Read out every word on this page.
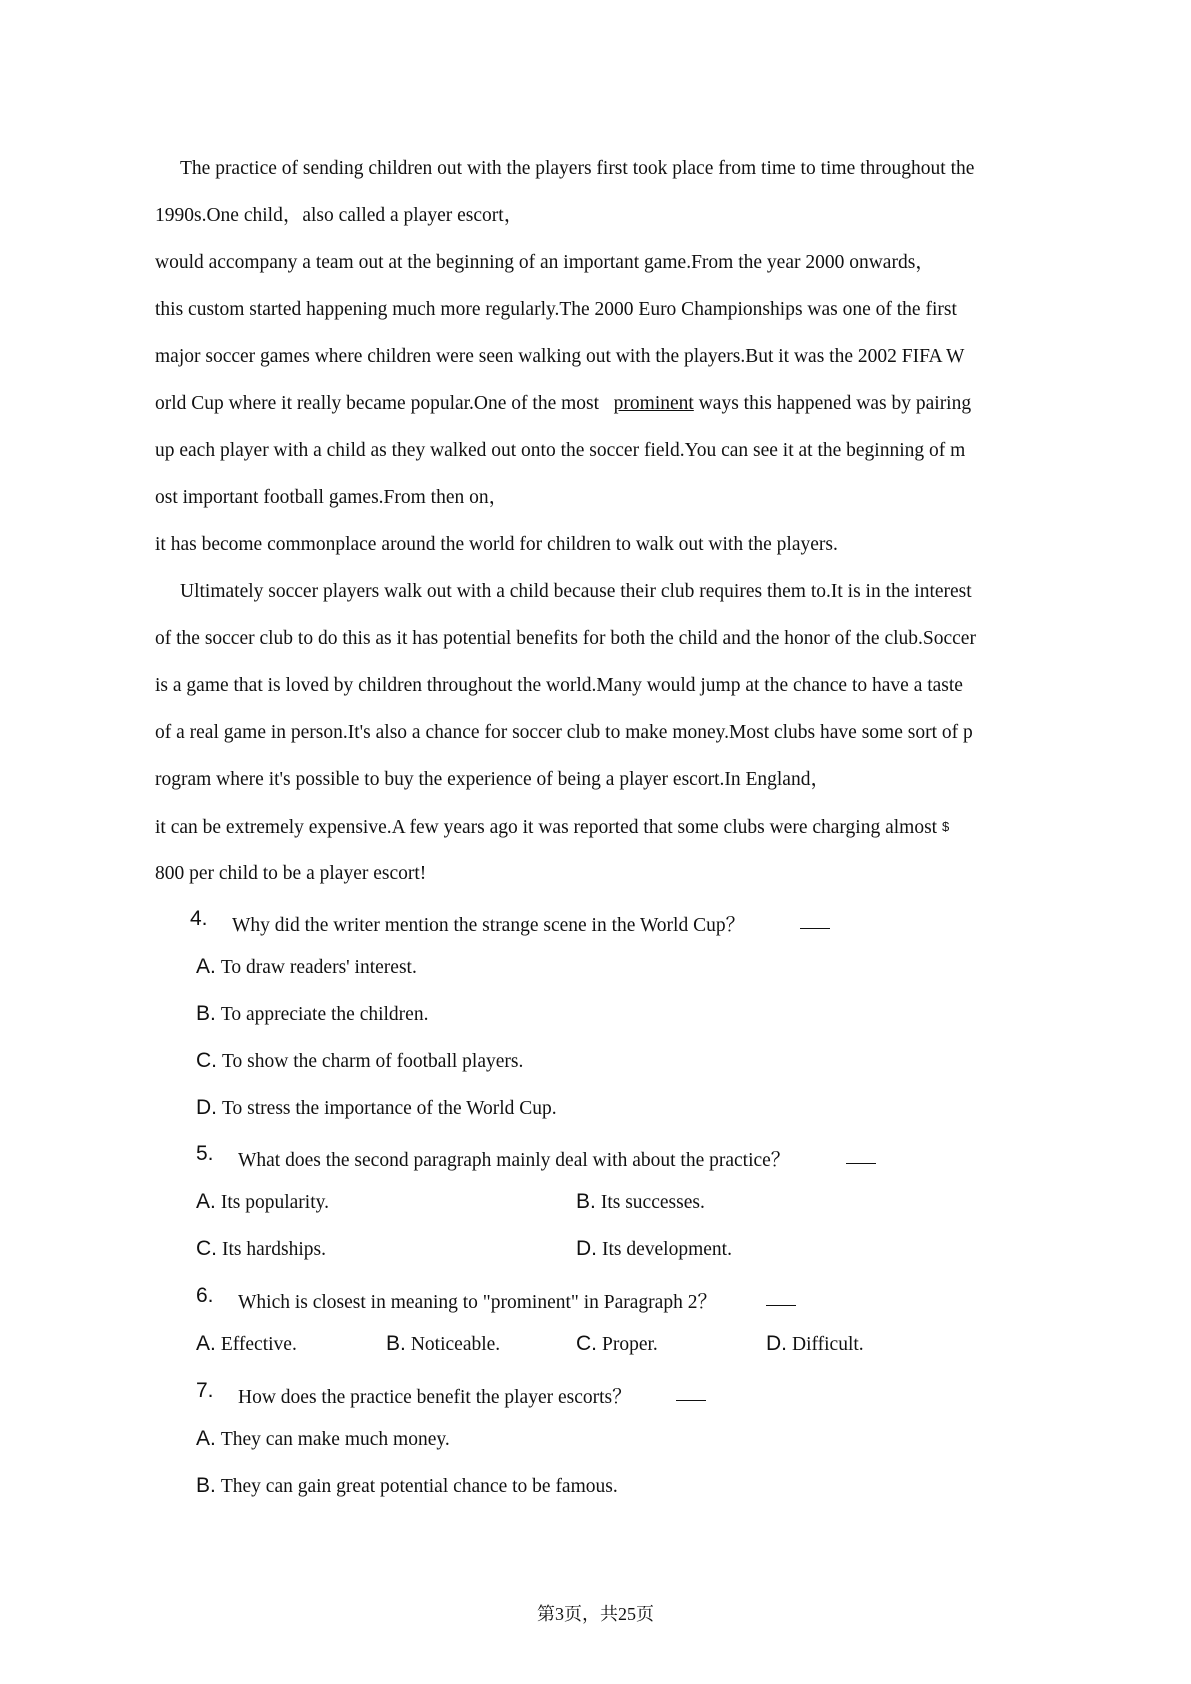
The practice of sending children out with the players first took place from time to time throughout the
1990s.One child，also called a player escort，
would accompany a team out at the beginning of an important game.From the year 2000 onwards，
this custom started happening much more regularly.The 2000 Euro Championships was one of the first
major soccer games where children were seen walking out with the players.But it was the 2002 FIFA W
orld Cup where it really became popular.One of the most   prominent ways this happened was by pairing
up each player with a child as they walked out onto the soccer field.You can see it at the beginning of m
ost important football games.From then on，
it has become commonplace around the world for children to walk out with the players.
Ultimately soccer players walk out with a child because their club requires them to.It is in the interest
of the soccer club to do this as it has potential benefits for both the child and the honor of the club.Soccer
is a game that is loved by children throughout the world.Many would jump at the chance to have a taste
of a real game in person.It's also a chance for soccer club to make money.Most clubs have some sort of p
rogram where it's possible to buy the experience of being a player escort.In England，
it can be extremely expensive.A few years ago it was reported that some clubs were charging almost $
800 per child to be a player escort!
4. Why did the writer mention the strange scene in the World Cup？
A. To draw readers' interest.
B. To appreciate the children.
C. To show the charm of football players.
D. To stress the importance of the World Cup.
5. What does the second paragraph mainly deal with about the practice？
A. Its popularity.	B. Its successes.
C. Its hardships.	D. Its development.
6. Which is closest in meaning to "prominent" in Paragraph 2？
A. Effective.	B. Noticeable.	C. Proper.	D. Difficult.
7. How does the practice benefit the player escorts？
A. They can make much money.
B. They can gain great potential chance to be famous.
第3页，共25页
